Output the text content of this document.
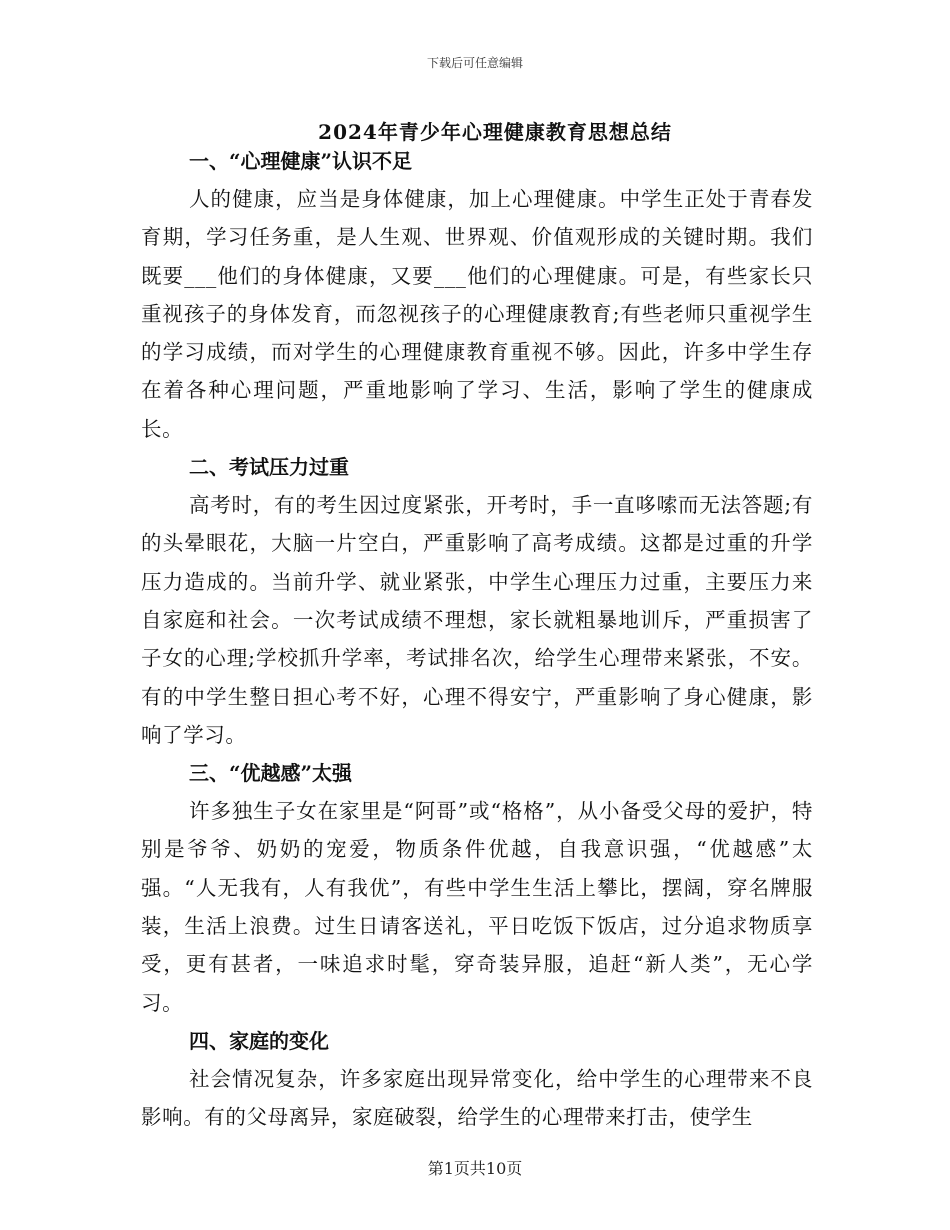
下载后可任意编辑
2024年青少年心理健康教育思想总结

一、“心理健康”认识不足

人的健康，应当是身体健康，加上心理健康。中学生正处于青春发育期，学习任务重，是人生观、世界观、价值观形成的关键时期。我们既要___他们的身体健康，又要___他们的心理健康。可是，有些家长只重视孩子的身体发育，而忽视孩子的心理健康教育;有些老师只重视学生的学习成绩，而对学生的心理健康教育重视不够。因此，许多中学生存在着各种心理问题，严重地影响了学习、生活，影响了学生的健康成长。

二、考试压力过重

高考时，有的考生因过度紧张，开考时，手一直哆嗦而无法答题;有的头晕眼花，大脑一片空白，严重影响了高考成绩。这都是过重的升学压力造成的。当前升学、就业紧张，中学生心理压力过重，主要压力来自家庭和社会。一次考试成绩不理想，家长就粗暴地训斥，严重损害了子女的心理;学校抓升学率，考试排名次，给学生心理带来紧张，不安。有的中学生整日担心考不好，心理不得安宁，严重影响了身心健康，影响了学习。

三、“优越感”太强

许多独生子女在家里是“阿哥”或“格格”，从小备受父母的爱护，特别是爷爷、奶奶的宠爱，物质条件优越，自我意识强，“优越感”太强。“人无我有，人有我优”，有些中学生生活上攀比，摆阔，穿名牌服装，生活上浪费。过生日请客送礼，平日吃饭下饭店，过分追求物质享受，更有甚者，一味追求时髦，穿奇装异服，追赶“新人类”，无心学习。

四、家庭的变化

社会情况复杂，许多家庭出现异常变化，给中学生的心理带来不良影响。有的父母离异，家庭破裂，给学生的心理带来打击，使学生

第1页共10页
